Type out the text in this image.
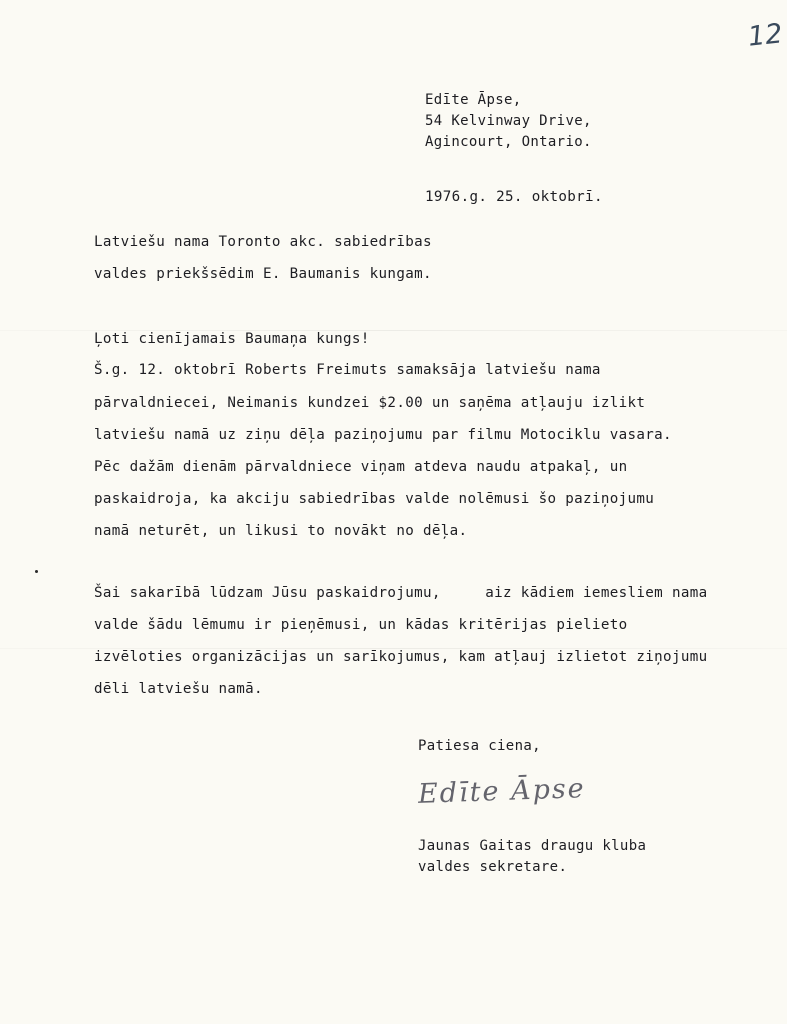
12
Edīte Āpse,
54 Kelvinway Drive,
Agincourt, Ontario.
1976.g. 25. oktobrī.
Latviešu nama Toronto akc. sabiedrības
valdes priekšsēdim E. Baumanis kungam.
Ļoti cienījamais Baumaņa kungs!
Š.g. 12. oktobrī Roberts Freimuts samaksāja latviešu nama
pārvaldniecei, Neimanis kundzei $2.00 un saņēma atļauju izlikt
latviešu namā uz ziņu dēļa paziņojumu par filmu Motociklu vasara.
Pēc dažām dienām pārvaldniece viņam atdeva naudu atpakaļ, un
paskaidroja, ka akciju sabiedrības valde nolēmusi šo paziņojumu
namā neturēt, un likusi to novākt no dēļa.
Šai sakarībā lūdzam Jūsu paskaidrojumu,     aiz kādiem iemesliem nama
valde šādu lēmumu ir pieņēmusi, un kādas kritērijas pielieto
izvēloties organizācijas un sarīkojumus, kam atļauj izlietot ziņojumu
dēli latviešu namā.
Patiesa ciena,
Edīte Āpse
Jaunas Gaitas draugu kluba
valdes sekretare.
